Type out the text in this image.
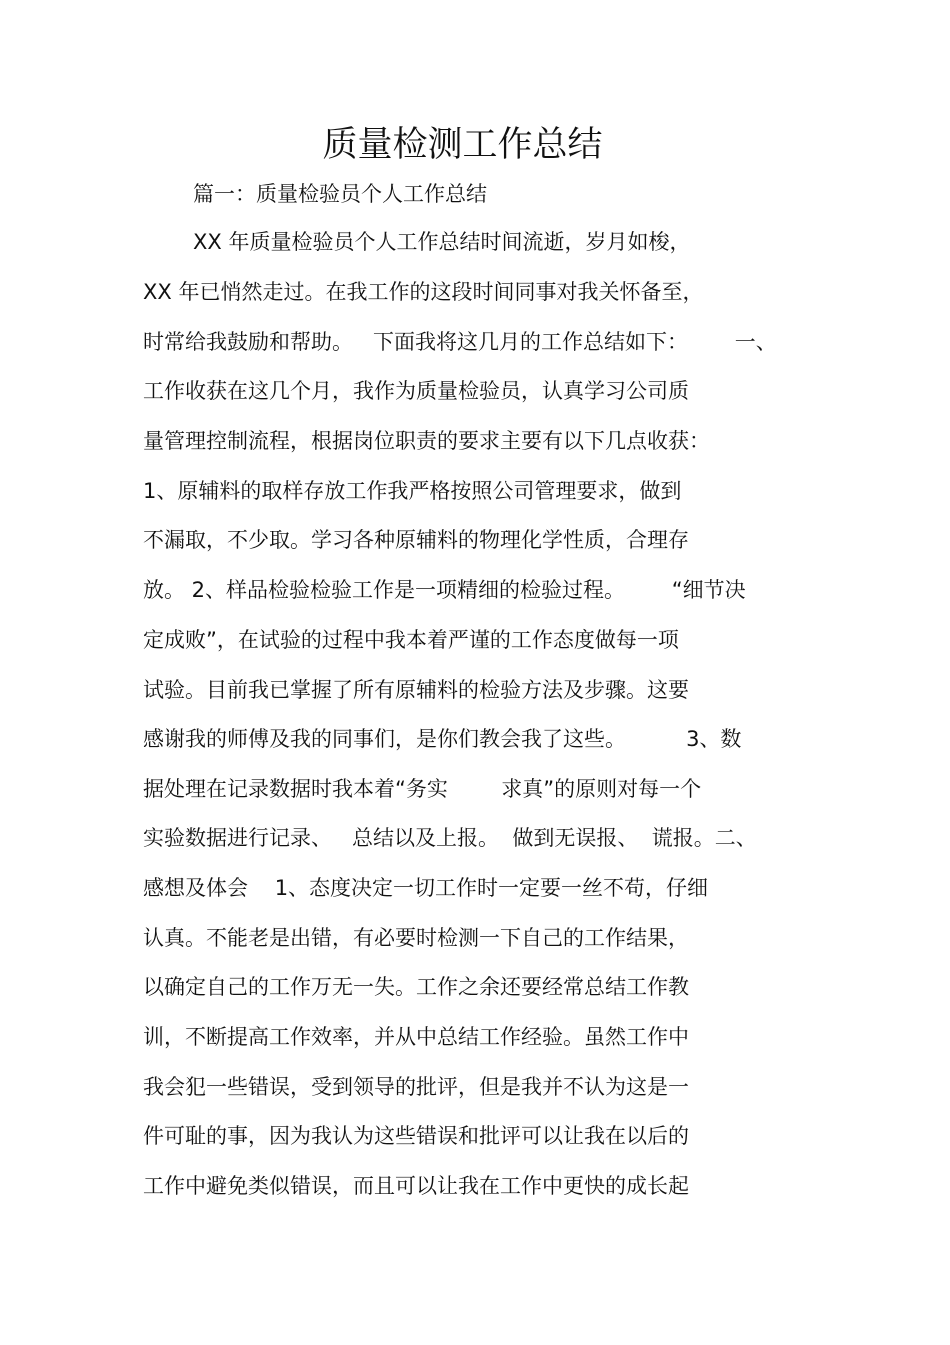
质量检测工作总结
篇一：质量检验员个人工作总结
XX 年质量检验员个人工作总结时间流逝，岁月如梭，
XX 年已悄然走过。在我工作的这段时间同事对我关怀备至，
时常给我鼓励和帮助。   下面我将这几月的工作总结如下：       一、
工作收获在这几个月，我作为质量检验员，认真学习公司质
量管理控制流程，根据岗位职责的要求主要有以下几点收获：
1、原辅料的取样存放工作我严格按照公司管理要求，做到
不漏取，不少取。学习各种原辅料的物理化学性质，合理存
放。 2、样品检验检验工作是一项精细的检验过程。       “细节决
定成败”，在试验的过程中我本着严谨的工作态度做每一项
试验。目前我已掌握了所有原辅料的检验方法及步骤。这要
感谢我的师傅及我的同事们，是你们教会我了这些。         3、数
据处理在记录数据时我本着“务实        求真”的原则对每一个
实验数据进行记录、   总结以及上报。  做到无误报、  谎报。二、
感想及体会    1、态度决定一切工作时一定要一丝不苟，仔细
认真。不能老是出错，有必要时检测一下自己的工作结果，
以确定自己的工作万无一失。工作之余还要经常总结工作教
训，不断提高工作效率，并从中总结工作经验。虽然工作中
我会犯一些错误，受到领导的批评，但是我并不认为这是一
件可耻的事，因为我认为这些错误和批评可以让我在以后的
工作中避免类似错误，而且可以让我在工作中更快的成长起
